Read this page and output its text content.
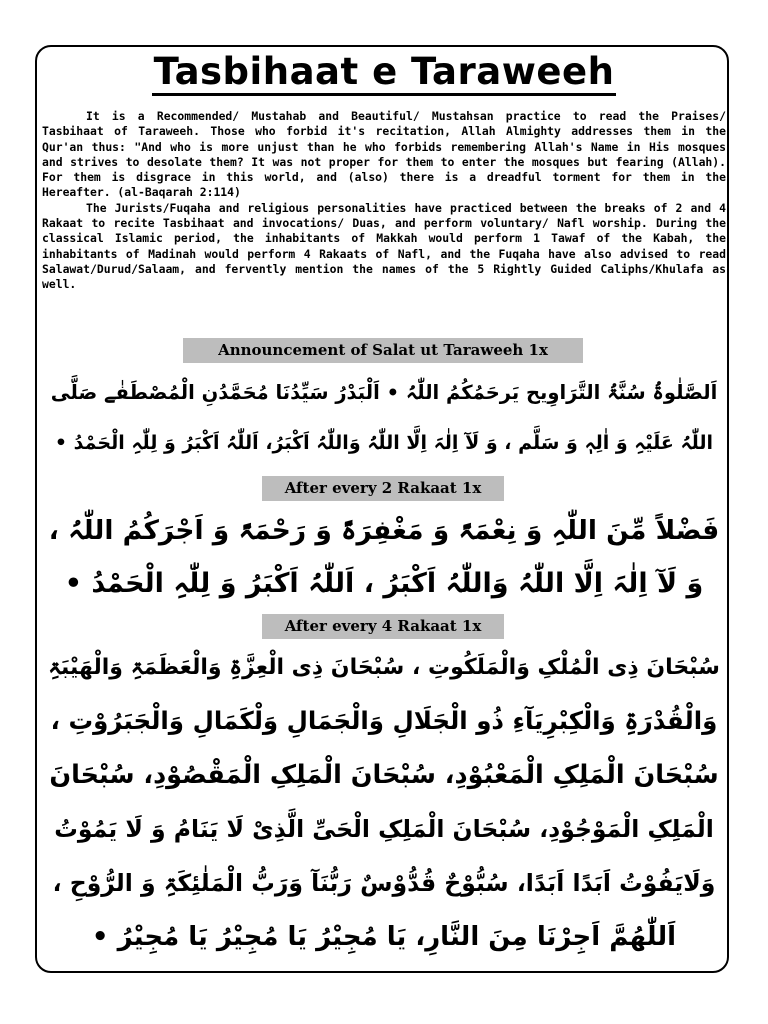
Tasbihaat e Taraweeh

It is a Recommended/ Mustahab and Beautiful/ Mustahsan practice to read the Praises/ Tasbihaat of Taraweeh. Those who forbid it's recitation, Allah Almighty addresses them in the Qur'an thus: "And who is more unjust than he who forbids remembering Allah's Name in His mosques and strives to desolate them? It was not proper for them to enter the mosques but fearing (Allah). For them is disgrace in this world, and (also) there is a dreadful torment for them in the Hereafter. (al-Baqarah 2:114)

The Jurists/Fuqaha and religious personalities have practiced between the breaks of 2 and 4 Rakaat to recite Tasbihaat and invocations/ Duas, and perform voluntary/ Nafl worship. During the classical Islamic period, the inhabitants of Makkah would perform 1 Tawaf of the Kabah, the inhabitants of Madinah would perform 4 Rakaats of Nafl, and the Fuqaha have also advised to read Salawat/Durud/Salaam, and fervently mention the names of the 5 Rightly Guided Caliphs/Khulafa as well.

Announcement of Salat ut Taraweeh 1x
اَلصَّلٰوۃُ سُنَّۃُ التَّرَاوِیح یَرحَمُکُمُ اللّٰہُ • اَلْبَدْرُ سَیِّدُنَا مُحَمَّدُنِ الْمُصْطَفٰے صَلَّی
اللّٰہُ عَلَیْہِ وَ اٰلِہٖ وَ سَلَّم ، وَ لَآ اِلٰہَ اِلَّا اللّٰہُ وَاللّٰہُ اَکْبَرُ، اَللّٰہُ اَکْبَرُ وَ لِلّٰہِ الْحَمْدُ •
After every 2 Rakaat 1x
فَضْلاً مِّنَ اللّٰہِ وَ نِعْمَۃً وَ مَغْفِرَۃً وَ رَحْمَۃً وَ اَجْرَکُمُ اللّٰہُ ،
وَ لَآ اِلٰہَ اِلَّا اللّٰہُ وَاللّٰہُ اَکْبَرُ ، اَللّٰہُ اَکْبَرُ وَ لِلّٰہِ الْحَمْدُ •
After every 4 Rakaat 1x
سُبْحَانَ ذِی الْمُلْکِ وَالْمَلَکُوتِ ، سُبْحَانَ ذِی الْعِزَّۃِ وَالْعَظَمَۃِ وَالْھَیْبَۃِ
وَالْقُدْرَۃِ وَالْکِبْرِیَآءِ ذُو الْجَلَالِ وَالْجَمَالِ وَلْکَمَالِ وَالْجَبَرُوْتِ ،
سُبْحَانَ الْمَلِکِ الْمَعْبُوْدِ، سُبْحَانَ الْمَلِکِ الْمَقْصُوْدِ، سُبْحَانَ
الْمَلِکِ الْمَوْجُوْدِ، سُبْحَانَ الْمَلِکِ الْحَیِّ الَّذِیْ لَا یَنَامُ وَ لَا یَمُوْتُ
وَلَایَفُوْتُ اَبَدًا اَبَدًا، سُبُّوْحٌ قُدُّوْسٌ رَبُّنَآ وَرَبُّ الْمَلٰئِکَۃِ وَ الرُّوْحِ ،
اَللّٰھُمَّ اَجِرْنَا مِنَ النَّارِ، یَا مُجِیْرُ یَا مُجِیْرُ یَا مُجِیْرُ •
